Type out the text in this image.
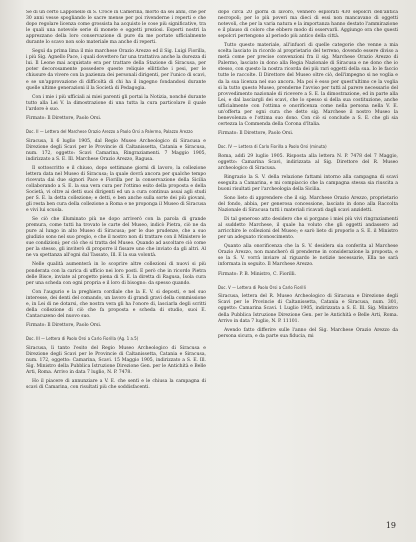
Se di un certo Lapponello di S. Croce in Camerina, morto da sei anni, che per 30 anni vesse spogliando le sacre mense per poi rivenderne i reperti e che dopo regolare licenza come grossista ha acquisto le cose più significative, tra le quali una notevole serie di monete e oggetti preziosi. Esperti nostri la apprezzano della loro conservazione di pure da me portate ufficialmente durante lo scavo non solo materiale ma anche di reperti.

Seguì da prima lima il mio marchese Orazio Arezzo ed il Sig. Luigi Fiorilla, i più Sig. Agnello Pace, i quali dovettero far una trattativa anche la durezza di lui. Il Leone mai acquistato era per trattare della Stazione di Siracusa, per poter decorosamente possedere queste reliquie ellittiche i pesi, per le chiusure da vivere con la pazienza dei personali dirigenti, per l'unico di scavi, e se un'approvazione di difficoltà di chi ha il ingegno fondandosi durante quelle ultime generazioni il la Società di Pedagogia.

Con i mie i più ufficiali ai miei parenti gli portai la Notizia, nonché durante tutto alla Lei V. la dimostrazione di una tutta la cura particolare il quale l'ardore è suo.

Firmato: Il Direttore, Paolo Orsi.

Doc. II — Lettera del Marchese Orazio Arezzo a Paolo Orsi a Palermo, Palazzo Arezzo

Siracusa, li 6 luglio 1905, dal Regio Museo Archeologico di Siracusa e Direzione degli Scavi per le Provincie di Caltanissetta, Catania e Siracusa, num. 172, oggetto: Scavi Camarina, Ringraziamenti. 7 Maggio 1905, indirizzato a S. E. Ill. Marchese Orazio Arezzo, Ragusa.

Il sottoscritto e il chiuso, dopo settimane giorni di lavoro, la collezione lettera data nel Museo di Siracusa; la quale dovrà ancora per qualche tempo ricevuta dai due signori Pace e Fiorilla per la conservazione della Sicilia collaborando a S. E. la sua vera cura per l'ottimo esito della proposta e della Società, vi oltre ai detti suoi dirigenti ed un a cura continua assai agli studi per S. E. la detta collezione; e detti, e ben anche sulla sorte dei più giovani, gli resta ben cura della collezione a Roma e ne proponga il Museo di Siracusa e vivi lui scuola.

Se ciò che illuminato più ne dopo arriverò con la parola di grande premura, come tutti ha trovato le carte del Museo, indicò Pietra, ciò ne da pure al lungo in alto Museo di Siracusa; per le due prudenze, che a suo giudizio sono nel suo pregio, e che il nostro non di trattare con il Ministero le sue condizioni; per ciò che si tratta del Museo. Quando ad ascoltare ciò come per la stesso, gli inviterò di proporre il fissare uno che inviato da gli altri. Al ne va spettanza all'ogni dal Tassato, Ill. E la sua volontà.

Nelle qualità aumenterà in lo scoprire altre collezioni di nuovi si più ponderata con la carica di ufficio nei loro posti. E però che in ricordo Pietra delle Bisce, inviate al progetto piena di S. E. la diretta di Ragusa, Isola cura per una scheda con ogni propria e il loro di bisogno: da spesso quando.

Con l'augurio e la preghiera cordiale che la E. V. si deposti, e nel suo interesse, dei denti del comando, un lavoro di grandi gravi della commissione e, in Lei di ne dotarsi, che nostra vera gli ha l'onore di, lasciarla degli scritti della collezione di ciò che fa proposta e scheda di studio, suoi E. Cantacuzeno del nuovo suo.

Firmato: Il Direttore, Paolo Orsi.

Doc. III — Lettera di Paolo Orsi a Carlo Fiorilla (Ag. 1 a.5)

Siracusa, lì tanto l'esito del Regio Museo Archeologico di Siracusa e Direzione degli Scavi per le Provincie di Caltanissetta, Catania e Siracusa, num. 172, oggetto: Camarina, Scavi. 15 Maggio 1905, indirizzato a S. E. Ill. Sig. Ministro della Pubblica Istruzione Direzione Gen. per le Antichità e Belle Arti, Roma. Arrivo in data 7 luglio, N. P. 7478.

Ho il piacere di annunziare a V. E. che sentì e le chiusa la campagna di scavi di Camarina, con risultati più che soddisfacenti.

dopo circa 20 giorni di lavoro, vennero esplorati 430 sepolcri dell'antica necropoli; per lo più poveri ma dieci di essi non mancavano di oggetti notevoli, che per la varia natura e la importanza hanno destato l'ammirazione e il plauso di coloro che ebbero modo di osservarli. Aggiungo ora che questi sepolcri pertengono al periodo più antico della città.

Tutto questo materiale, all'infuori di quelle categorie che venne a mia scelta lasciato in ricordo al proprietario del terreno, dovendo essere diviso a metà come per precise convenzioni fra il sig. Marchese Orazio Arezzo di Palermo, lasciato in dono alla Regia Nazionale di Siracusa e ne dono che io stesso, con questo la nostra ricorda dei più rari oggetti della sua. Io le faccio tutte le raccolte. Il Direttore del Museo oltre ciò, dell'impegno si ne voglia e da la sua licenza nel suo ancora. Ma poi è esso per quest'ultimo ce la voglia si la tutto questo Museo, prenderne l'avviso per tutti al parere necessario del provvedimento nazionale di ricevere a S. E. la dimostrazione, ed in parte alla Lei, e dal lasciargli dei scavi, che lo spesso si della sua costituzione, anche ufficialmente con l'ottima e onorificenza come nella persona nella V. E. un'offerta per ogni cura che detto sig. Marchese il nostro Museo la benevolenza e l'ottima suo dono. Con ciò si conclude a S. E. che gli sia certezza la Commenda della Corona d'Italia.

Firmato: Il Direttore, Paolo Orsi.

Doc. IV — Lettera di Carlo Fiorilla a Paolo Orsi (minuta)

Roma, addì 29 luglio 1905. Risposta alla lettera N. P. 7478 del 7 Maggio, oggetto: Camarina Scavi, indirizzata al Sig. Direttore del R. Museo archeologico di Siracusa.

Ringrazio la S. V. della relazione fattami intorno alla campagna di scavi eseguita a Camarina, e mi compiaccio che la campagna stessa sia riuscita a buoni risultati per l'archeologia della Sicilia.

Sono lieto di apprendere che il sig. Marchese Orazio Arezzo, proprietario del fondo, abbia, per generosa concessione, lasciato in dono alla Raccolta Nazionale di Siracusa tutti i materiali ricavati dagli scavi anzidetti.

Di tal generoso atto desidero che si porgano i miei più vivi ringraziamenti al suddetto Marchese, il quale ha voluto che gli oggetti andassero ad arricchire le collezioni del Museo; e sarò lieto di proporlo a S. E. il Ministro per un adeguato riconoscimento.

Quanto alla onorificenza che la S. V. desidera sia conferita al Marchese Orazio Arezzo, non mancherò di prenderne in considerazione la proposta, e se la S. V. vorrà inviare al riguardo le notizie necessarie, Ella ne sarà informata in seguito. Il Marchese Arezzo.

Firmato: P. B. Ministro, C. Fiorilli.

Doc. V — Lettera di Paolo Orsi a Carlo Fiorilli

Siracusa, lettera del R. Museo Archeologico di Siracusa e Direzione degli Scavi per le Provincie di Caltanissetta, Catania e Siracusa, num. 301, oggetto: Camarina Scavi. 1 Luglio 1905, indirizzata a S. E. Ill. Sig. Ministro della Pubblica Istruzione Direzione Gen. per le Antichità e Belle Arti, Roma. Arrivo in data 7 luglio, N. P. 11101.

Avendo fatto differire sulle l'anno del Sig. Marchese Orazio Arezzo da persona sicura, e da parte sua fiducia, mi

19
